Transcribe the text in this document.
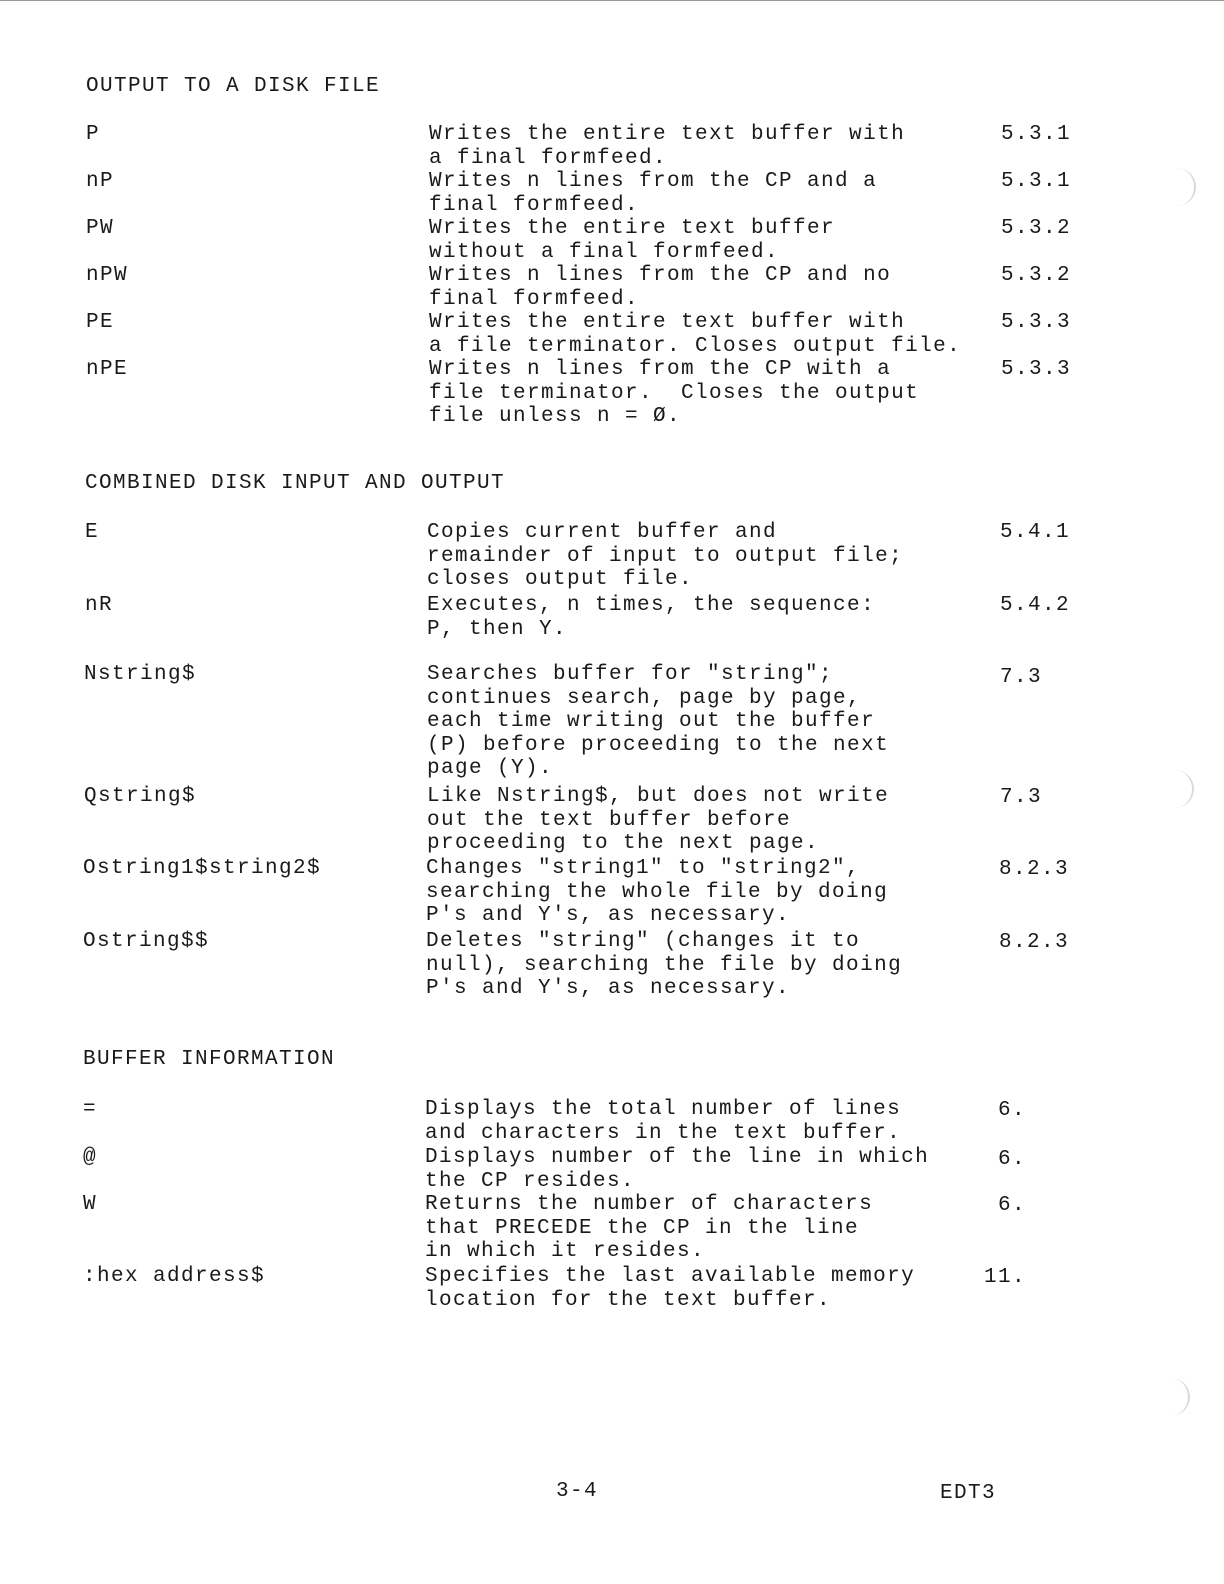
OUTPUT TO A DISK FILE
P	Writes the entire text buffer with
a final formfeed.
5.3.1
nP	Writes n lines from the CP and a
final formfeed.
5.3.1
PW	Writes the entire text buffer
without a final formfeed.
5.3.2
nPW	Writes n lines from the CP and no
final formfeed.
5.3.2
PE	Writes the entire text buffer with
a file terminator. Closes output file.
5.3.3
nPE	Writes n lines from the CP with a
file terminator.  Closes the output
file unless n = Ø.
5.3.3
COMBINED DISK INPUT AND OUTPUT
E	Copies current buffer and
remainder of input to output file;
closes output file.
5.4.1
nR	Executes, n times, the sequence:
P, then Y.
5.4.2
Nstring$	Searches buffer for "string";
continues search, page by page,
each time writing out the buffer
(P) before proceeding to the next
page (Y).
7.3
Qstring$	Like Nstring$, but does not write
out the text buffer before
proceeding to the next page.
7.3
Ostring1$string2$	Changes "string1" to "string2",
searching the whole file by doing
P's and Y's, as necessary.
8.2.3
Ostring$$	Deletes "string" (changes it to
null), searching the file by doing
P's and Y's, as necessary.
8.2.3
BUFFER INFORMATION
=	Displays the total number of lines
and characters in the text buffer.
6.
@	Displays number of the line in which
the CP resides.
6.
W	Returns the number of characters
that PRECEDE the CP in the line
in which it resides.
6.
:hex address$	Specifies the last available memory
location for the text buffer.
11.
3-4	EDT3
